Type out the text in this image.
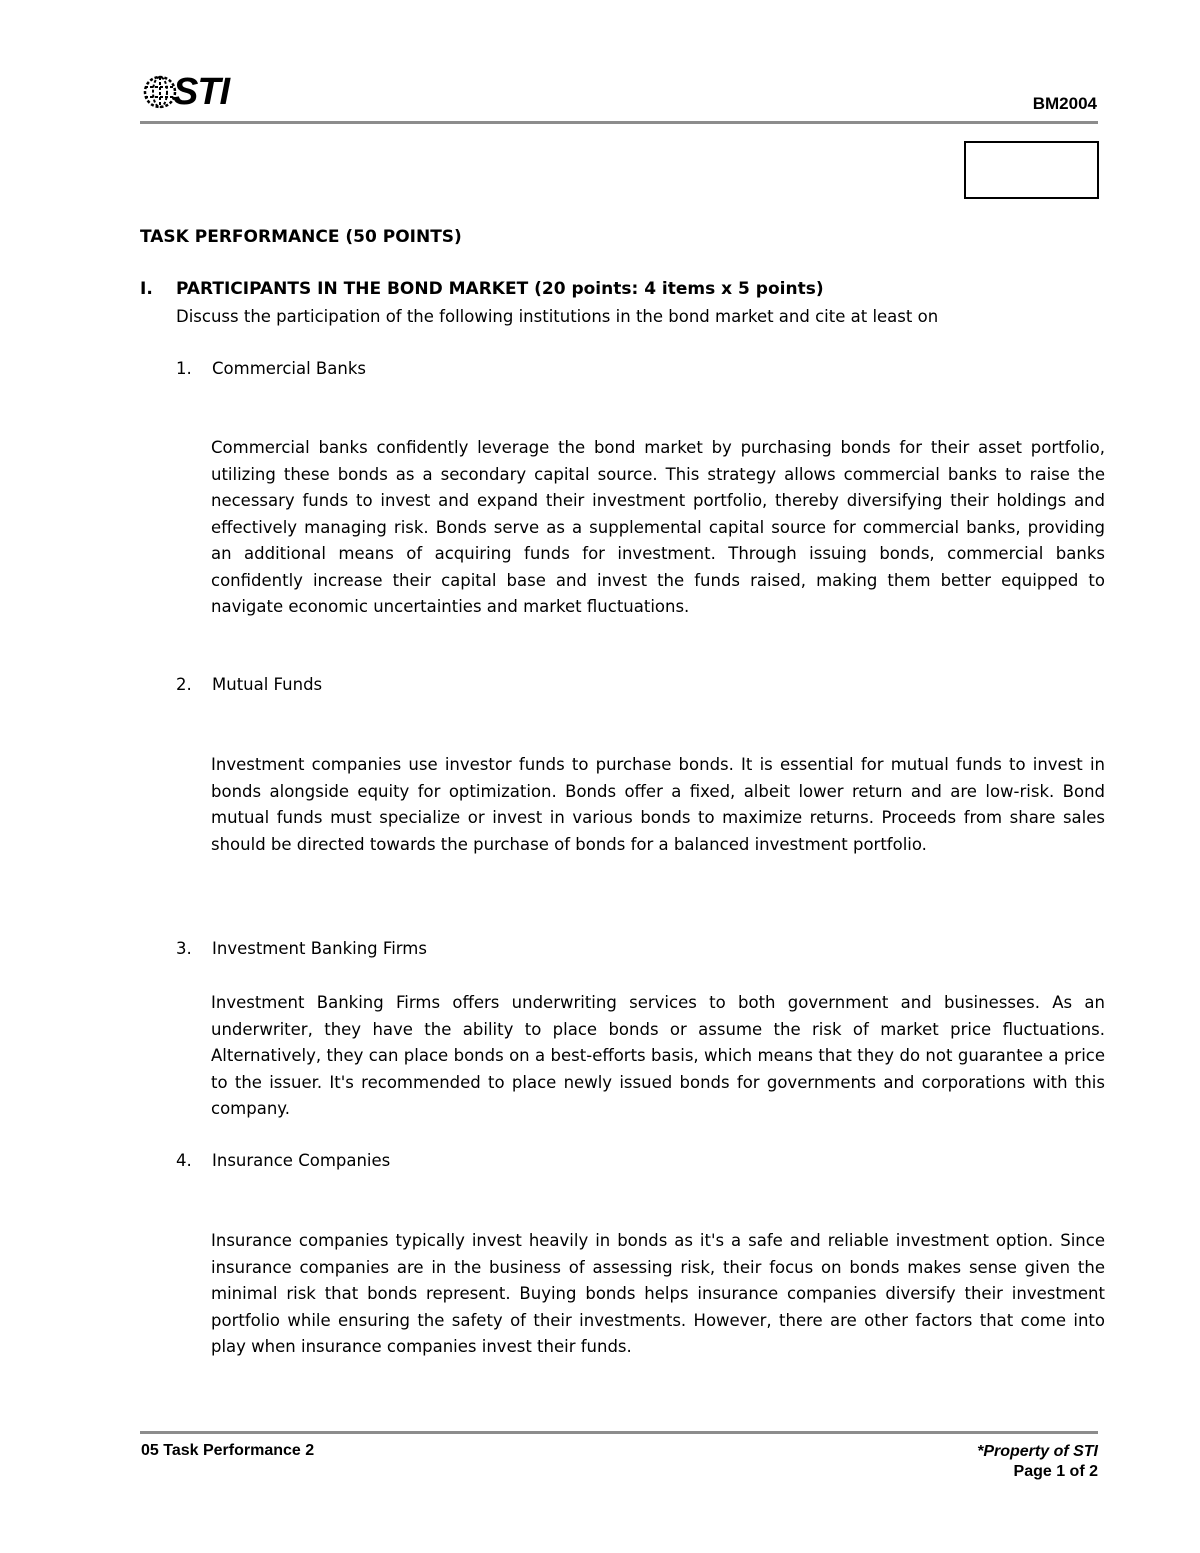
STI	BM2004
TASK PERFORMANCE (50 POINTS)
I. PARTICIPANTS IN THE BOND MARKET (20 points: 4 items x 5 points)
Discuss the participation of the following institutions in the bond market and cite at least on
1. Commercial Banks

Commercial banks confidently leverage the bond market by purchasing bonds for their asset portfolio, utilizing these bonds as a secondary capital source. This strategy allows commercial banks to raise the necessary funds to invest and expand their investment portfolio, thereby diversifying their holdings and effectively managing risk. Bonds serve as a supplemental capital source for commercial banks, providing an additional means of acquiring funds for investment. Through issuing bonds, commercial banks confidently increase their capital base and invest the funds raised, making them better equipped to navigate economic uncertainties and market fluctuations.

2. Mutual Funds

Investment companies use investor funds to purchase bonds. It is essential for mutual funds to invest in bonds alongside equity for optimization. Bonds offer a fixed, albeit lower return and are low-risk. Bond mutual funds must specialize or invest in various bonds to maximize returns. Proceeds from share sales should be directed towards the purchase of bonds for a balanced investment portfolio.

3. Investment Banking Firms

Investment Banking Firms offers underwriting services to both government and businesses. As an underwriter, they have the ability to place bonds or assume the risk of market price fluctuations. Alternatively, they can place bonds on a best-efforts basis, which means that they do not guarantee a price to the issuer. It's recommended to place newly issued bonds for governments and corporations with this company.

4. Insurance Companies

Insurance companies typically invest heavily in bonds as it's a safe and reliable investment option. Since insurance companies are in the business of assessing risk, their focus on bonds makes sense given the minimal risk that bonds represent. Buying bonds helps insurance companies diversify their investment portfolio while ensuring the safety of their investments. However, there are other factors that come into play when insurance companies invest their funds.

05 Task Performance 2	*Property of STI
Page 1 of 2
